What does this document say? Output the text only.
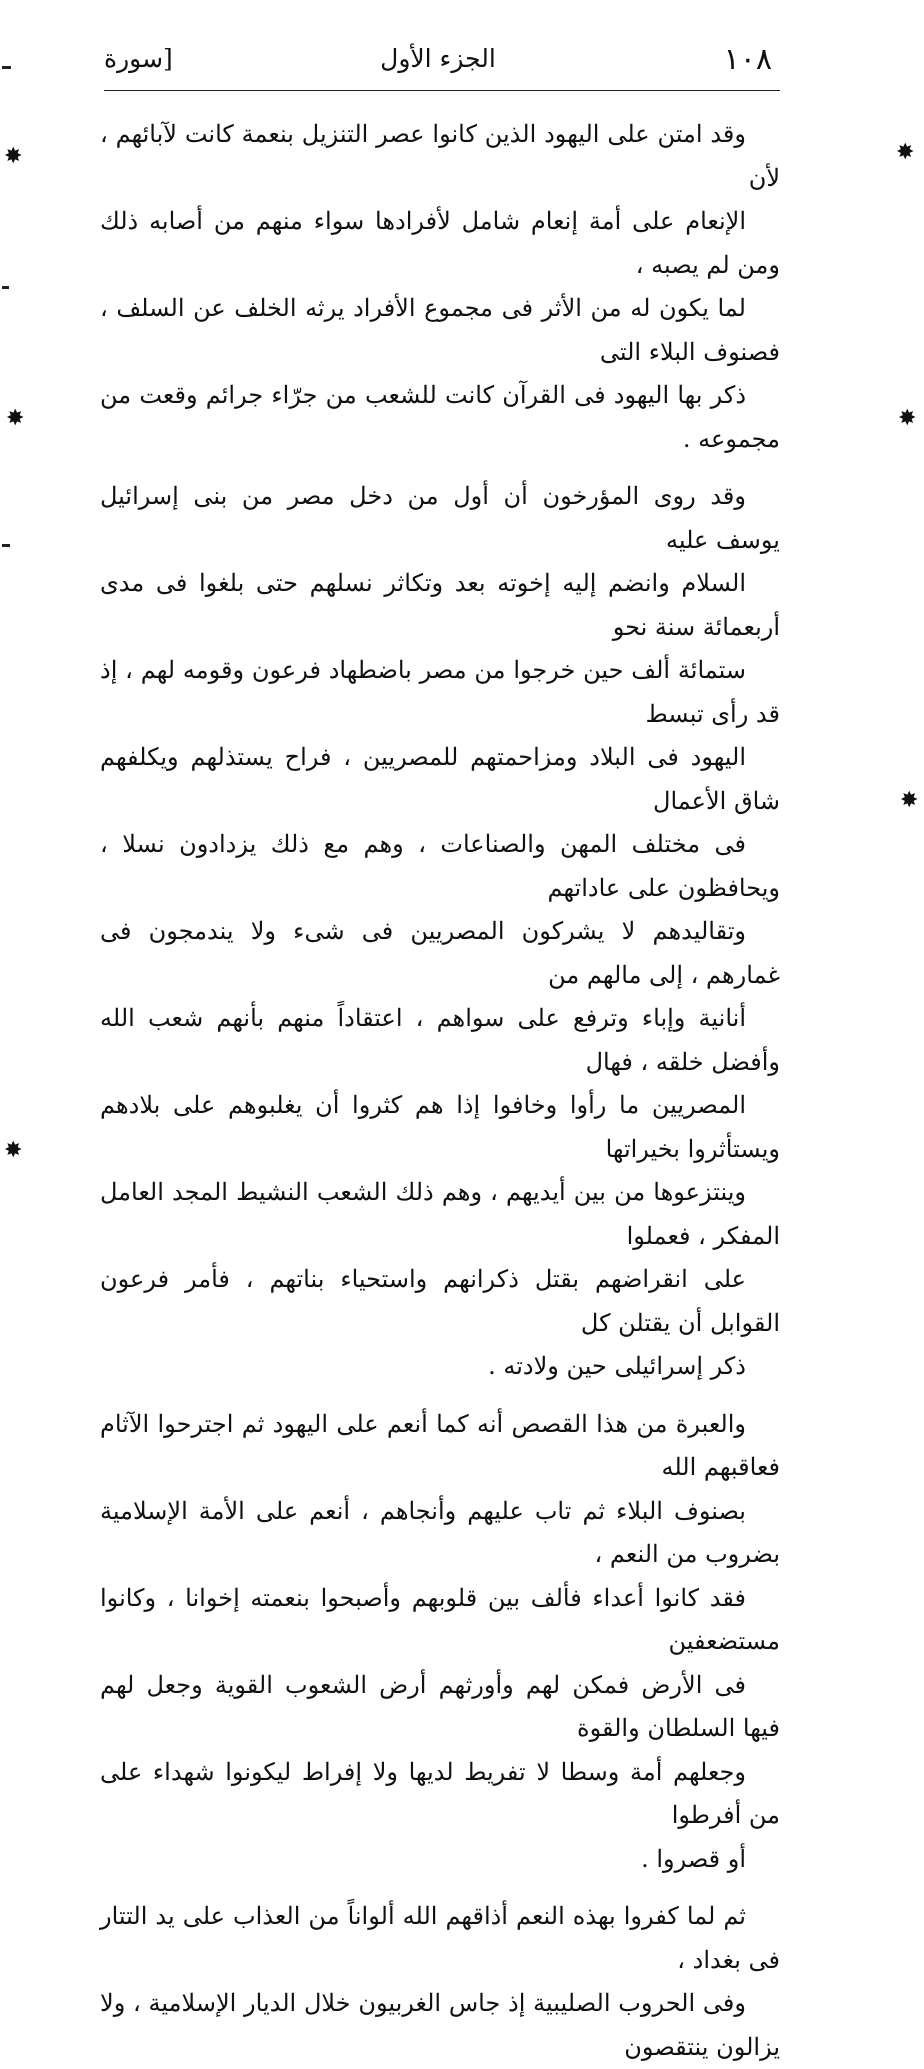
١٠٨
الجزء الأول
[سورة
وقد امتن على اليهود الذين كانوا عصر التنزيل بنعمة كانت لآبائهم ، لأن
الإنعام على أمة إنعام شامل لأفرادها سواء منهم من أصابه ذلك ومن لم يصبه ،
لما يكون له من الأثر فى مجموع الأفراد يرثه الخلف عن السلف ، فصنوف البلاء التى
ذكر بها اليهود فى القرآن كانت للشعب من جرّاء جرائم وقعت من مجموعه .
وقد روى المؤرخون أن أول من دخل مصر من بنى إسرائيل يوسف عليه
السلام وانضم إليه إخوته بعد وتكاثر نسلهم حتى بلغوا فى مدى أربعمائة سنة نحو
ستمائة ألف حين خرجوا من مصر باضطهاد فرعون وقومه لهم ، إذ قد رأى تبسط
اليهود فى البلاد ومزاحمتهم للمصريين ، فراح يستذلهم ويكلفهم شاق الأعمال
فى مختلف المهن والصناعات ، وهم مع ذلك يزدادون نسلا ، ويحافظون على عاداتهم
وتقاليدهم لا يشركون المصريين فى شىء ولا يندمجون فى غمارهم ، إلى مالهم من
أنانية وإباء وترفع على سواهم ، اعتقاداً منهم بأنهم شعب الله وأفضل خلقه ، فهال
المصريين ما رأوا وخافوا إذا هم كثروا أن يغلبوهم على بلادهم ويستأثروا بخيراتها
وينتزعوها من بين أيديهم ، وهم ذلك الشعب النشيط المجد العامل المفكر ، فعملوا
على انقراضهم بقتل ذكرانهم واستحياء بناتهم ، فأمر فرعون القوابل أن يقتلن كل
ذكر إسرائيلى حين ولادته .
والعبرة من هذا القصص أنه كما أنعم على اليهود ثم اجترحوا الآثام فعاقبهم الله
بصنوف البلاء ثم تاب عليهم وأنجاهم ، أنعم على الأمة الإسلامية بضروب من النعم ،
فقد كانوا أعداء فألف بين قلوبهم وأصبحوا بنعمته إخوانا ، وكانوا مستضعفين
فى الأرض فمكن لهم وأورثهم أرض الشعوب القوية وجعل لهم فيها السلطان والقوة
وجعلهم أمة وسطا لا تفريط لديها ولا إفراط ليكونوا شهداء على من أفرطوا
أو قصروا .
ثم لما كفروا بهذه النعم أذاقهم الله ألواناً من العذاب على يد التتار فى بغداد ،
وفى الحروب الصليبية إذ جاس الغربيون خلال الديار الإسلامية ، ولا يزالون ينتقصون
✸
✸
✸
✸
✸
✸
